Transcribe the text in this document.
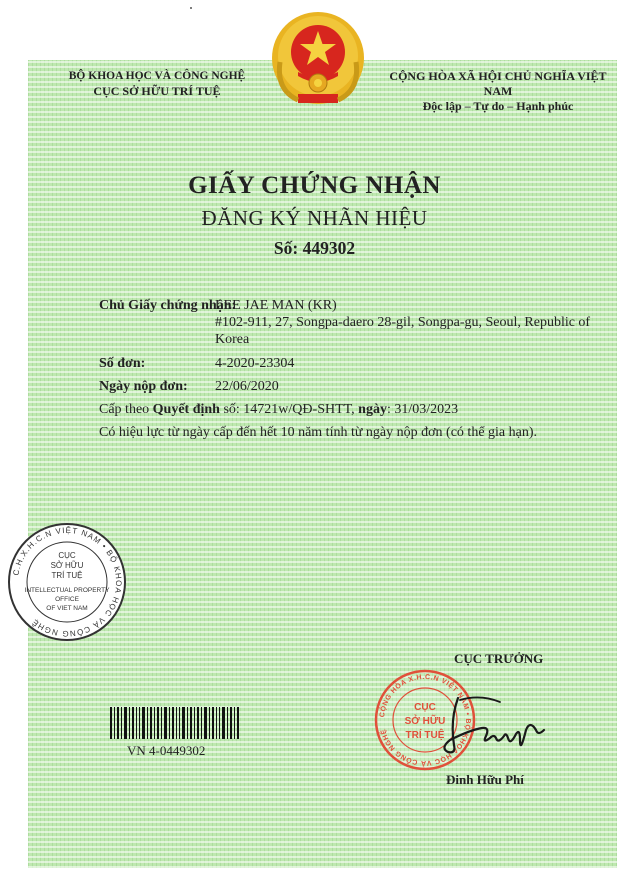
BỘ KHOA HỌC VÀ CÔNG NGHỆ
CỤC SỞ HỮU TRÍ TUỆ
CỘNG HÒA XÃ HỘI CHỦ NGHĨA VIỆT NAM
Độc lập – Tự do – Hạnh phúc
GIẤY CHỨNG NHẬN
ĐĂNG KÝ NHÃN HIỆU
Số: 449302
Chủ Giấy chứng nhận:
LEE JAE MAN (KR)
#102-911, 27, Songpa-daero 28-gil, Songpa-gu, Seoul, Republic of
Korea
Số đơn:	4-2020-23304
Ngày nộp đơn: 22/06/2020
Cấp theo Quyết định số: 14721w/QĐ-SHTT, ngày: 31/03/2023
Có hiệu lực từ ngày cấp đến hết 10 năm tính từ ngày nộp đơn (có thể gia hạn).
C.H.X.H.C.N VIỆT NAM • BỘ KHOA HỌC VÀ CÔNG NGHỆ
CỤC
SỞ HỮU
TRÍ TUỆ
INTELLECTUAL PROPERTY
OFFICE
OF VIET NAM
VN 4-0449302
CỤC TRƯỞNG
CỘNG HÒA X.H.C.N VIỆT NAM • BỘ KHOA HỌC VÀ CÔNG NGHỆ
CỤC
SỞ HỮU
TRÍ TUỆ
Đinh Hữu Phí
